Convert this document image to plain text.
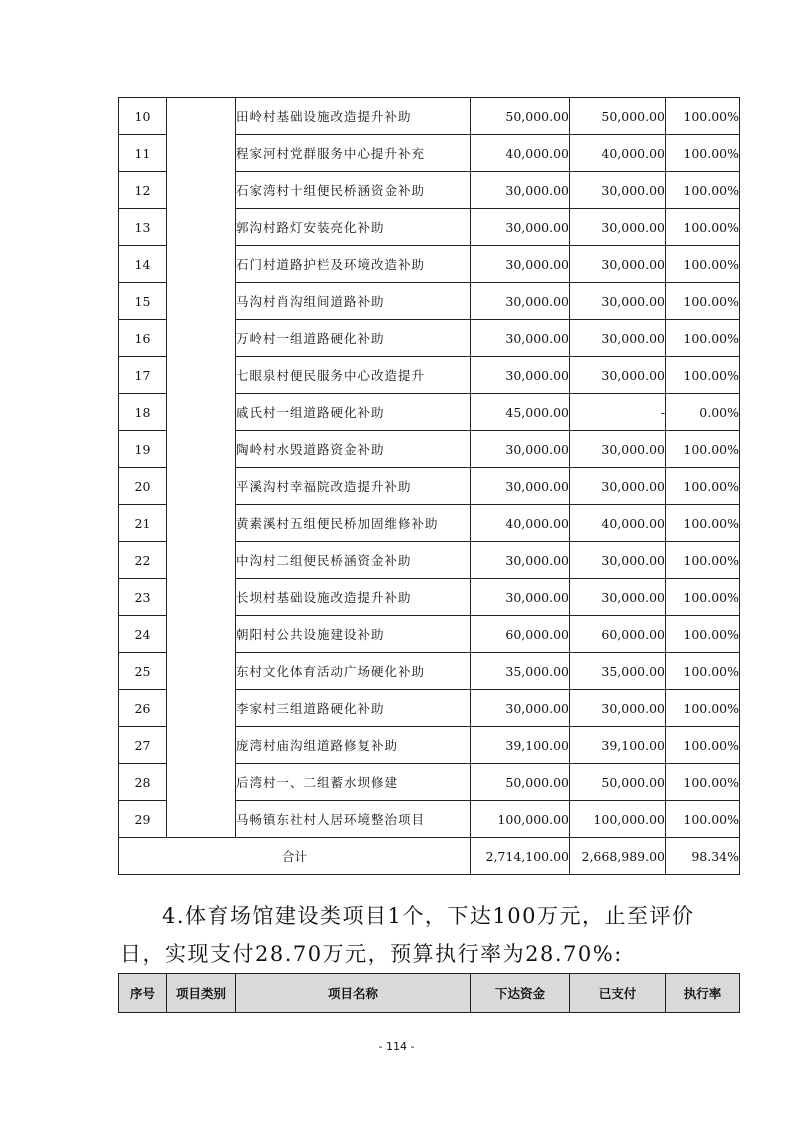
10		田岭村基础设施改造提升补助	50,000.00	50,000.00	100.00%
11		程家河村党群服务中心提升补充	40,000.00	40,000.00	100.00%
12		石家湾村十组便民桥涵资金补助	30,000.00	30,000.00	100.00%
13		郭沟村路灯安装亮化补助	30,000.00	30,000.00	100.00%
14		石门村道路护栏及环境改造补助	30,000.00	30,000.00	100.00%
15		马沟村肖沟组间道路补助	30,000.00	30,000.00	100.00%
16		万岭村一组道路硬化补助	30,000.00	30,000.00	100.00%
17		七眼泉村便民服务中心改造提升	30,000.00	30,000.00	100.00%
18		戚氏村一组道路硬化补助	45,000.00	-	0.00%
19		陶岭村水毁道路资金补助	30,000.00	30,000.00	100.00%
20		平溪沟村幸福院改造提升补助	30,000.00	30,000.00	100.00%
21		黄素溪村五组便民桥加固维修补助	40,000.00	40,000.00	100.00%
22		中沟村二组便民桥涵资金补助	30,000.00	30,000.00	100.00%
23		长坝村基础设施改造提升补助	30,000.00	30,000.00	100.00%
24		朝阳村公共设施建设补助	60,000.00	60,000.00	100.00%
25		东村文化体育活动广场硬化补助	35,000.00	35,000.00	100.00%
26		李家村三组道路硬化补助	30,000.00	30,000.00	100.00%
27		庞湾村庙沟组道路修复补助	39,100.00	39,100.00	100.00%
28		后湾村一、二组蓄水坝修建	50,000.00	50,000.00	100.00%
29		马畅镇东社村人居环境整治项目	100,000.00	100,000.00	100.00%
合计			2,714,100.00	2,668,989.00	98.34%
4.体育场馆建设类项目1个，下达100万元，止至评价
日，实现支付28.70万元，预算执行率为28.70%:
序号	项目类别	项目名称	下达资金	已支付	执行率
- 114 -
